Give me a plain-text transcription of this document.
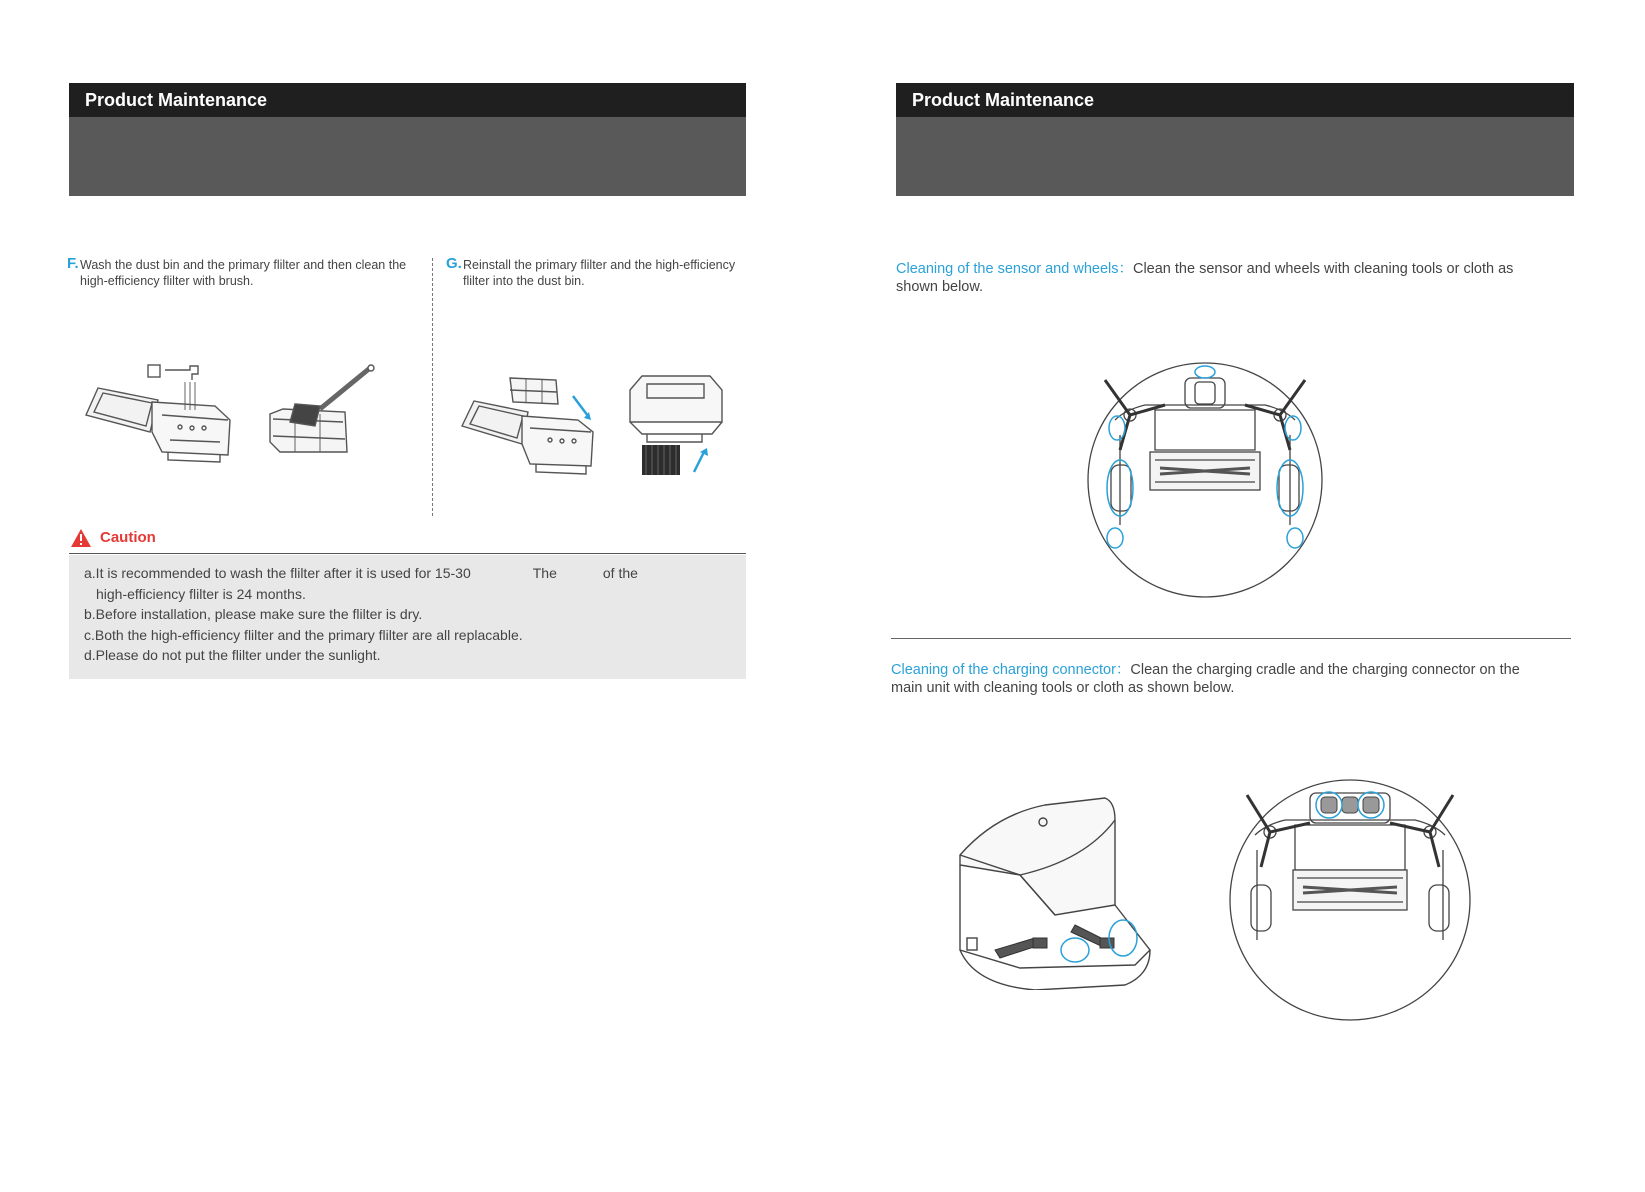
Product Maintenance	Product Maintenance
F. Wash the dust bin and the primary flilter and then clean the high-efficiency flilter with brush.
G. Reinstall the primary flilter and the high-efficiency flilter into the dust bin.
Caution
a.It is recommended to wash the flilter after it is used for 15-30	The	of the
high-efficiency flilter is 24 months.
b.Before installation, please make sure the flilter is dry.
c.Both the high-efficiency flilter and the primary flilter are all replacable.
d.Please do not put the flilter under the sunlight.
Cleaning of the sensor and wheels：Clean the sensor and wheels with cleaning tools or cloth as
shown below.
Cleaning of the charging connector：Clean the charging cradle and the charging connector on the
main unit with cleaning tools or cloth as shown below.
